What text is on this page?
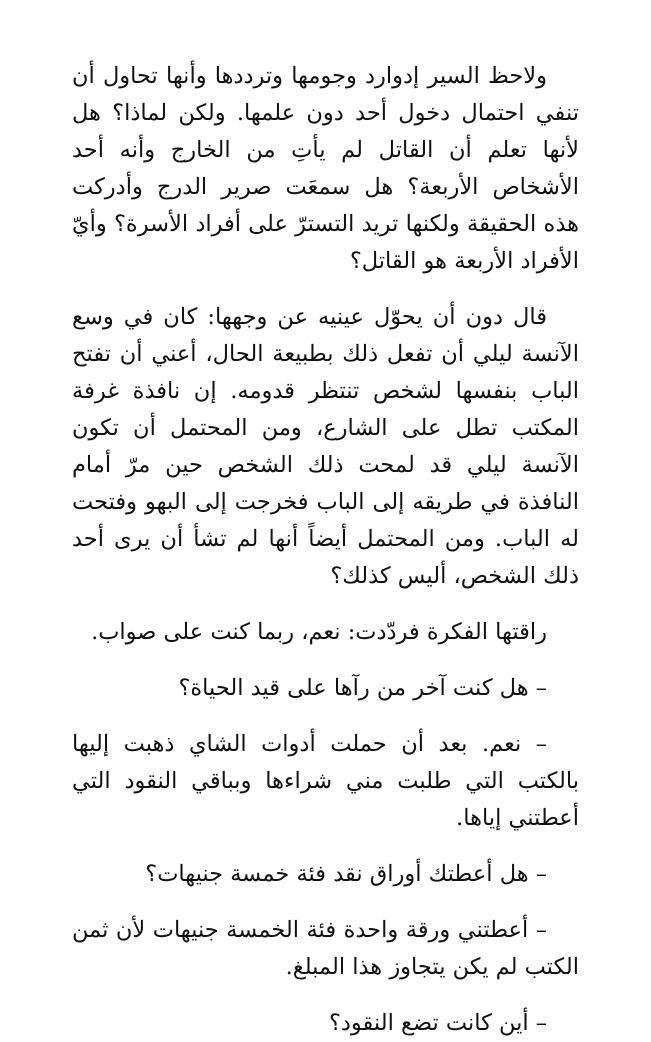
ولاحظ السير إدوارد وجومها وترددها وأنها تحاول أن تنفي احتمال دخول أحد دون علمها. ولكن لماذا؟ هل لأنها تعلم أن القاتل لم يأتِ من الخارج وأنه أحد الأشخاص الأربعة؟ هل سمعَت صرير الدرج وأدركت هذه الحقيقة ولكنها تريد التسترّ على أفراد الأسرة؟ وأيّ الأفراد الأربعة هو القاتل؟

قال دون أن يحوّل عينيه عن وجهها: كان في وسع الآنسة ليلي أن تفعل ذلك بطبيعة الحال، أعني أن تفتح الباب بنفسها لشخص تنتظر قدومه. إن نافذة غرفة المكتب تطل على الشارع، ومن المحتمل أن تكون الآنسة ليلي قد لمحت ذلك الشخص حين مرّ أمام النافذة في طريقه إلى الباب فخرجت إلى البهو وفتحت له الباب. ومن المحتمل أيضاً أنها لم تشأ أن يرى أحد ذلك الشخص، أليس كذلك؟

راقتها الفكرة فردّدت: نعم، ربما كنت على صواب.

– هل كنت آخر من رآها على قيد الحياة؟

– نعم. بعد أن حملت أدوات الشاي ذهبت إليها بالكتب التي طلبت مني شراءها وبباقي النقود التي أعطتني إياها.

– هل أعطتك أوراق نقد فئة خمسة جنيهات؟

– أعطتني ورقة واحدة فئة الخمسة جنيهات لأن ثمن الكتب لم يكن يتجاوز هذا المبلغ.

– أين كانت تضع النقود؟
